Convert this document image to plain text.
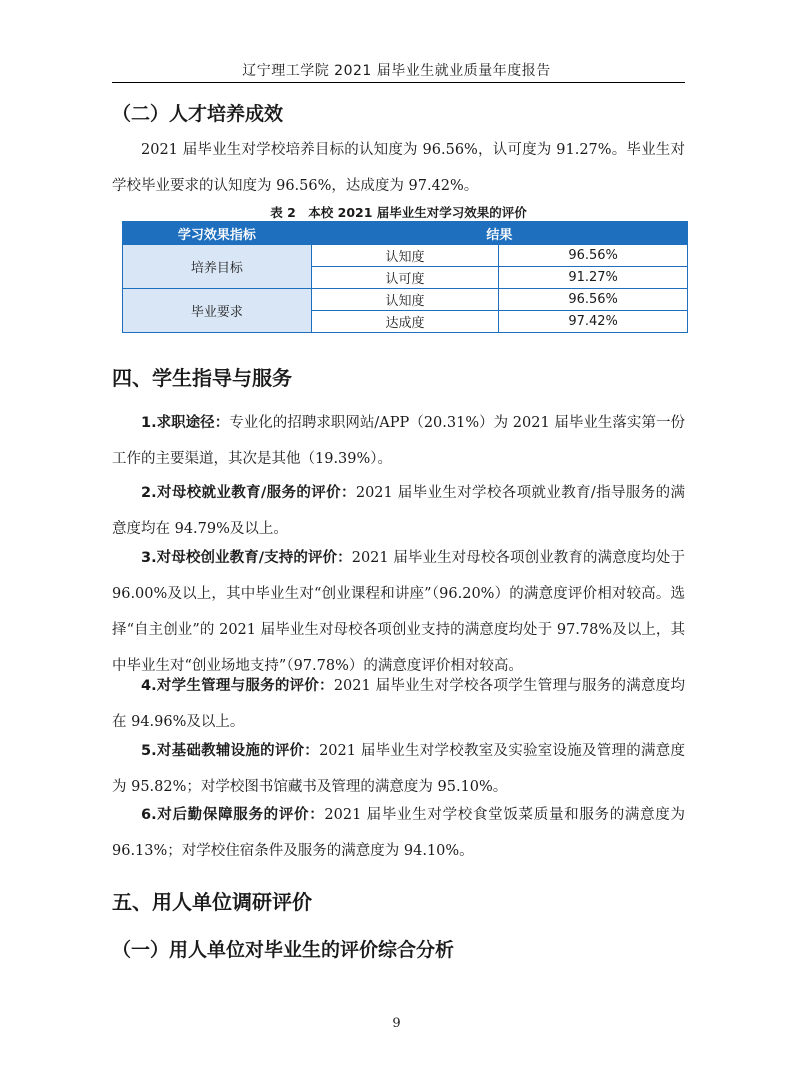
辽宁理工学院 2021 届毕业生就业质量年度报告
（二）人才培养成效
2021 届毕业生对学校培养目标的认知度为 96.56%，认可度为 91.27%。毕业生对学校毕业要求的认知度为 96.56%，达成度为 97.42%。
表 2　本校 2021 届毕业生对学习效果的评价
学习效果指标	结果	
培养目标	认知度	96.56%
	认可度	91.27%
毕业要求	认知度	96.56%
	达成度	97.42%
四、学生指导与服务
1.求职途径：专业化的招聘求职网站/APP（20.31%）为 2021 届毕业生落实第一份工作的主要渠道，其次是其他（19.39%）。
2.对母校就业教育/服务的评价：2021 届毕业生对学校各项就业教育/指导服务的满意度均在 94.79%及以上。
3.对母校创业教育/支持的评价：2021 届毕业生对母校各项创业教育的满意度均处于 96.00%及以上，其中毕业生对“创业课程和讲座”（96.20%）的满意度评价相对较高。选择“自主创业”的 2021 届毕业生对母校各项创业支持的满意度均处于 97.78%及以上，其中毕业生对“创业场地支持”（97.78%）的满意度评价相对较高。
4.对学生管理与服务的评价：2021 届毕业生对学校各项学生管理与服务的满意度均在 94.96%及以上。
5.对基础教辅设施的评价：2021 届毕业生对学校教室及实验室设施及管理的满意度为 95.82%；对学校图书馆藏书及管理的满意度为 95.10%。
6.对后勤保障服务的评价：2021 届毕业生对学校食堂饭菜质量和服务的满意度为 96.13%；对学校住宿条件及服务的满意度为 94.10%。
五、用人单位调研评价
（一）用人单位对毕业生的评价综合分析
9
